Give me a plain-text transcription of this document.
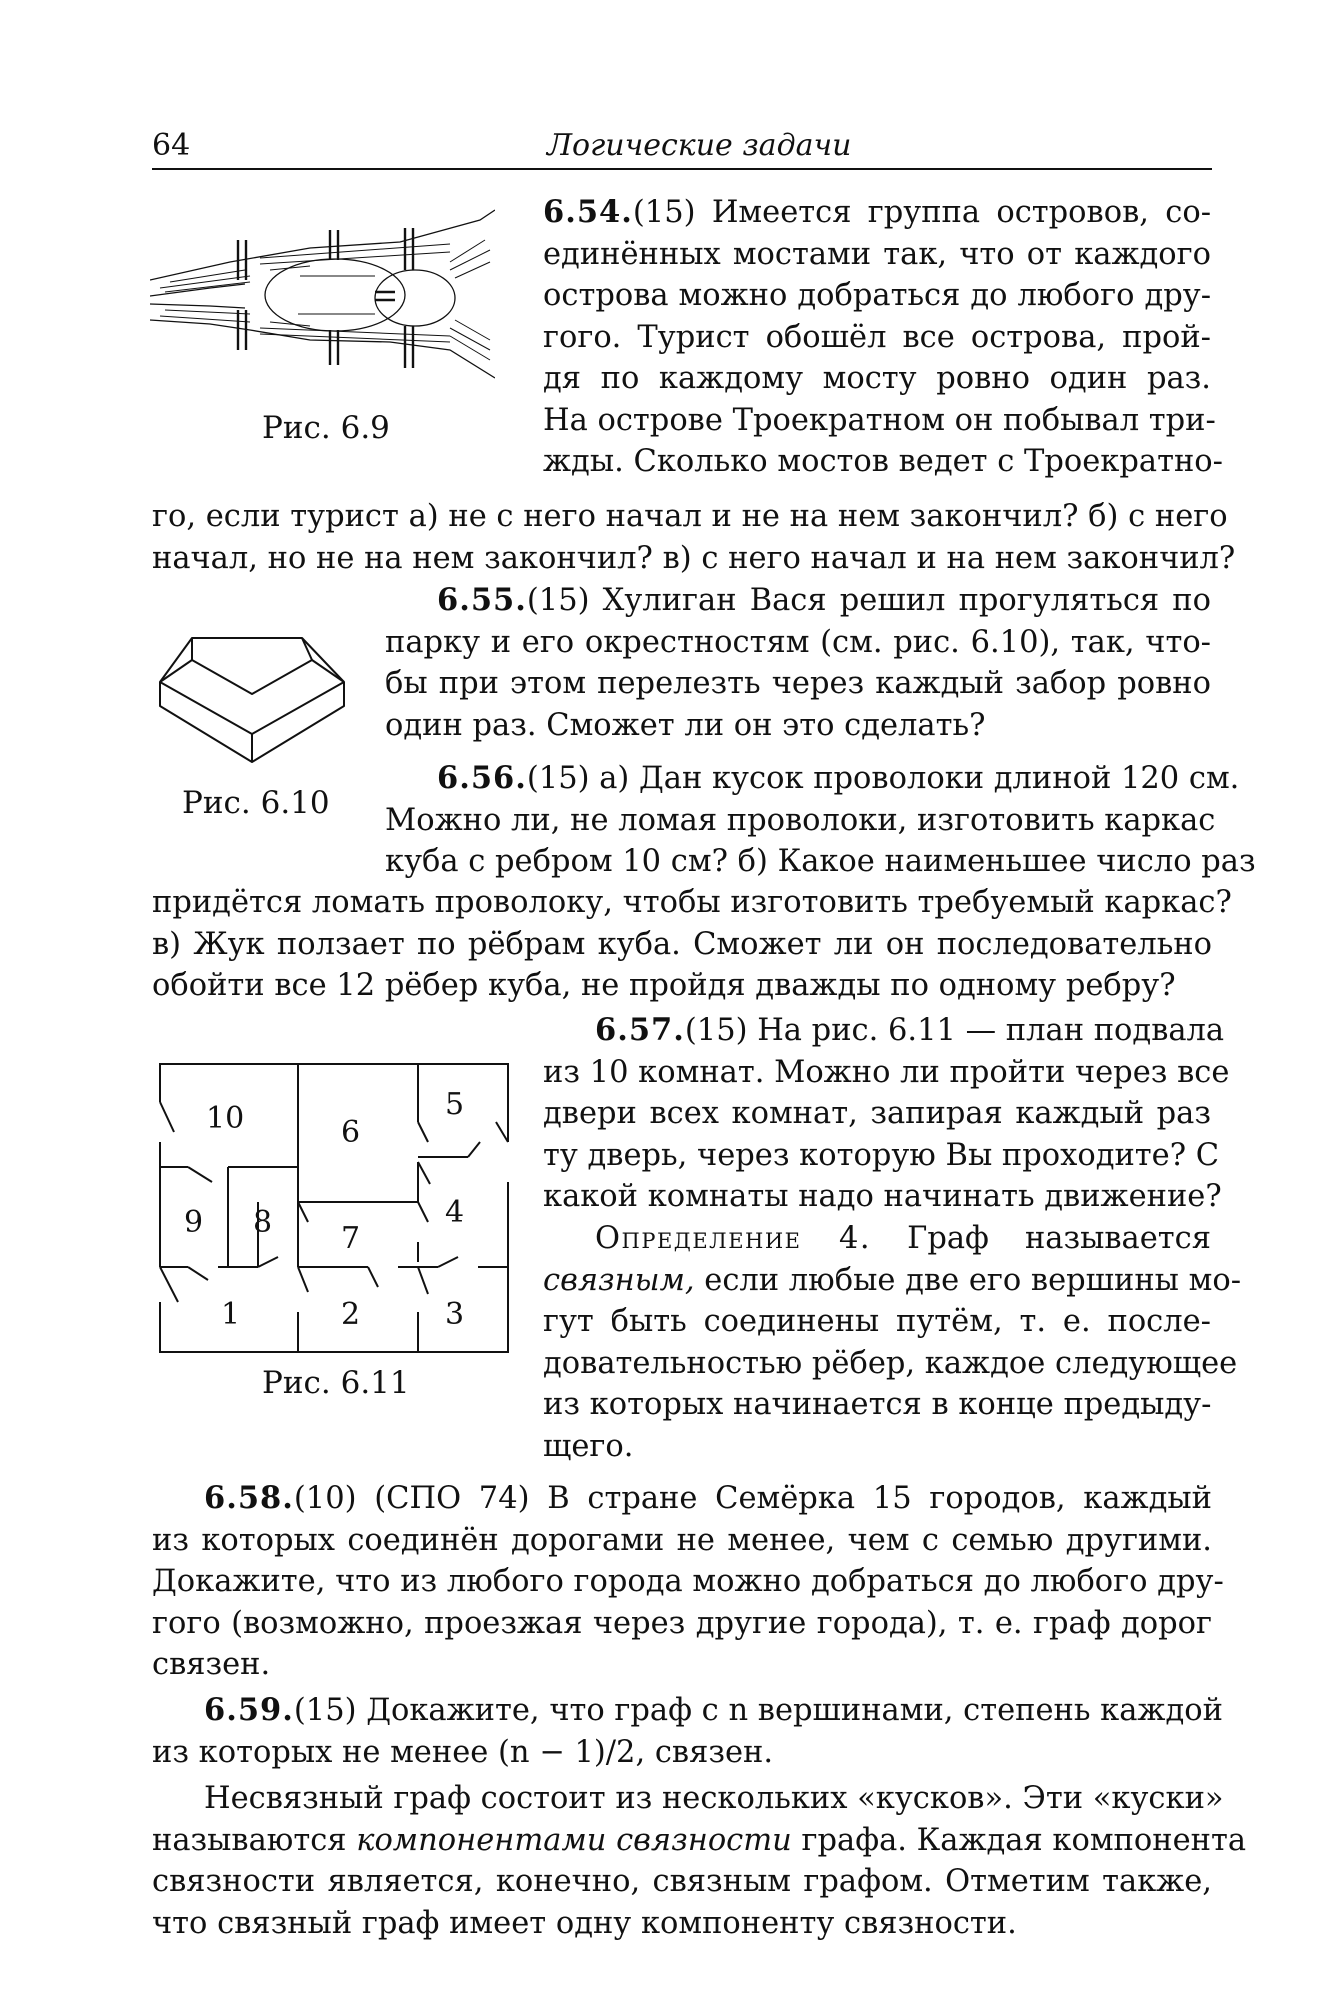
64	Логические задачи
Рис. 6.9
6.54.(15) Имеется группа островов, со-
единённых мостами так, что от каждого
острова можно добраться до любого дру-
гого. Турист обошёл все острова, прой-
дя по каждому мосту ровно один раз.
На острове Троекратном он побывал три-
жды. Сколько мостов ведет с Троекратно-
го, если турист а) не с него начал и не на нем закончил? б) с него
начал, но не на нем закончил? в) с него начал и на нем закончил?
Рис. 6.10
6.55.(15) Хулиган Вася решил прогуляться по
парку и его окрестностям (см. рис. 6.10), так, что-
бы при этом перелезть через каждый забор ровно
один раз. Сможет ли он это сделать?
6.56.(15) а) Дан кусок проволоки длиной 120 см.
Можно ли, не ломая проволоки, изготовить каркас
куба с ребром 10 см? б) Какое наименьшее число раз
придётся ломать проволоку, чтобы изготовить требуемый каркас?
в) Жук ползает по рёбрам куба. Сможет ли он последовательно
обойти все 12 рёбер куба, не пройдя дважды по одному ребру?
10	6
5
9 8	4
7
1	2	3
Рис. 6.11
6.57.(15) На рис. 6.11 — план подвала
из 10 комнат. Можно ли пройти через все
двери всех комнат, запирая каждый раз
ту дверь, через которую Вы проходите? С
какой комнаты надо начинать движение?
Определение 4. Граф называется
связным, если любые две его вершины мо-
гут быть соединены путём, т. е. после-
довательностью рёбер, каждое следующее
из которых начинается в конце предыду-
щего.
6.58.(10) (СПО 74) В стране Семёрка 15 городов, каждый
из которых соединён дорогами не менее, чем с семью другими.
Докажите, что из любого города можно добраться до любого дру-
гого (возможно, проезжая через другие города), т. е. граф дорог
связен.
6.59.(15) Докажите, что граф с n вершинами, степень каждой
из которых не менее (n − 1)/2, связен.
Несвязный граф состоит из нескольких «кусков». Эти «куски»
называются компонентами связности графа. Каждая компонента
связности является, конечно, связным графом. Отметим также,
что связный граф имеет одну компоненту связности.
